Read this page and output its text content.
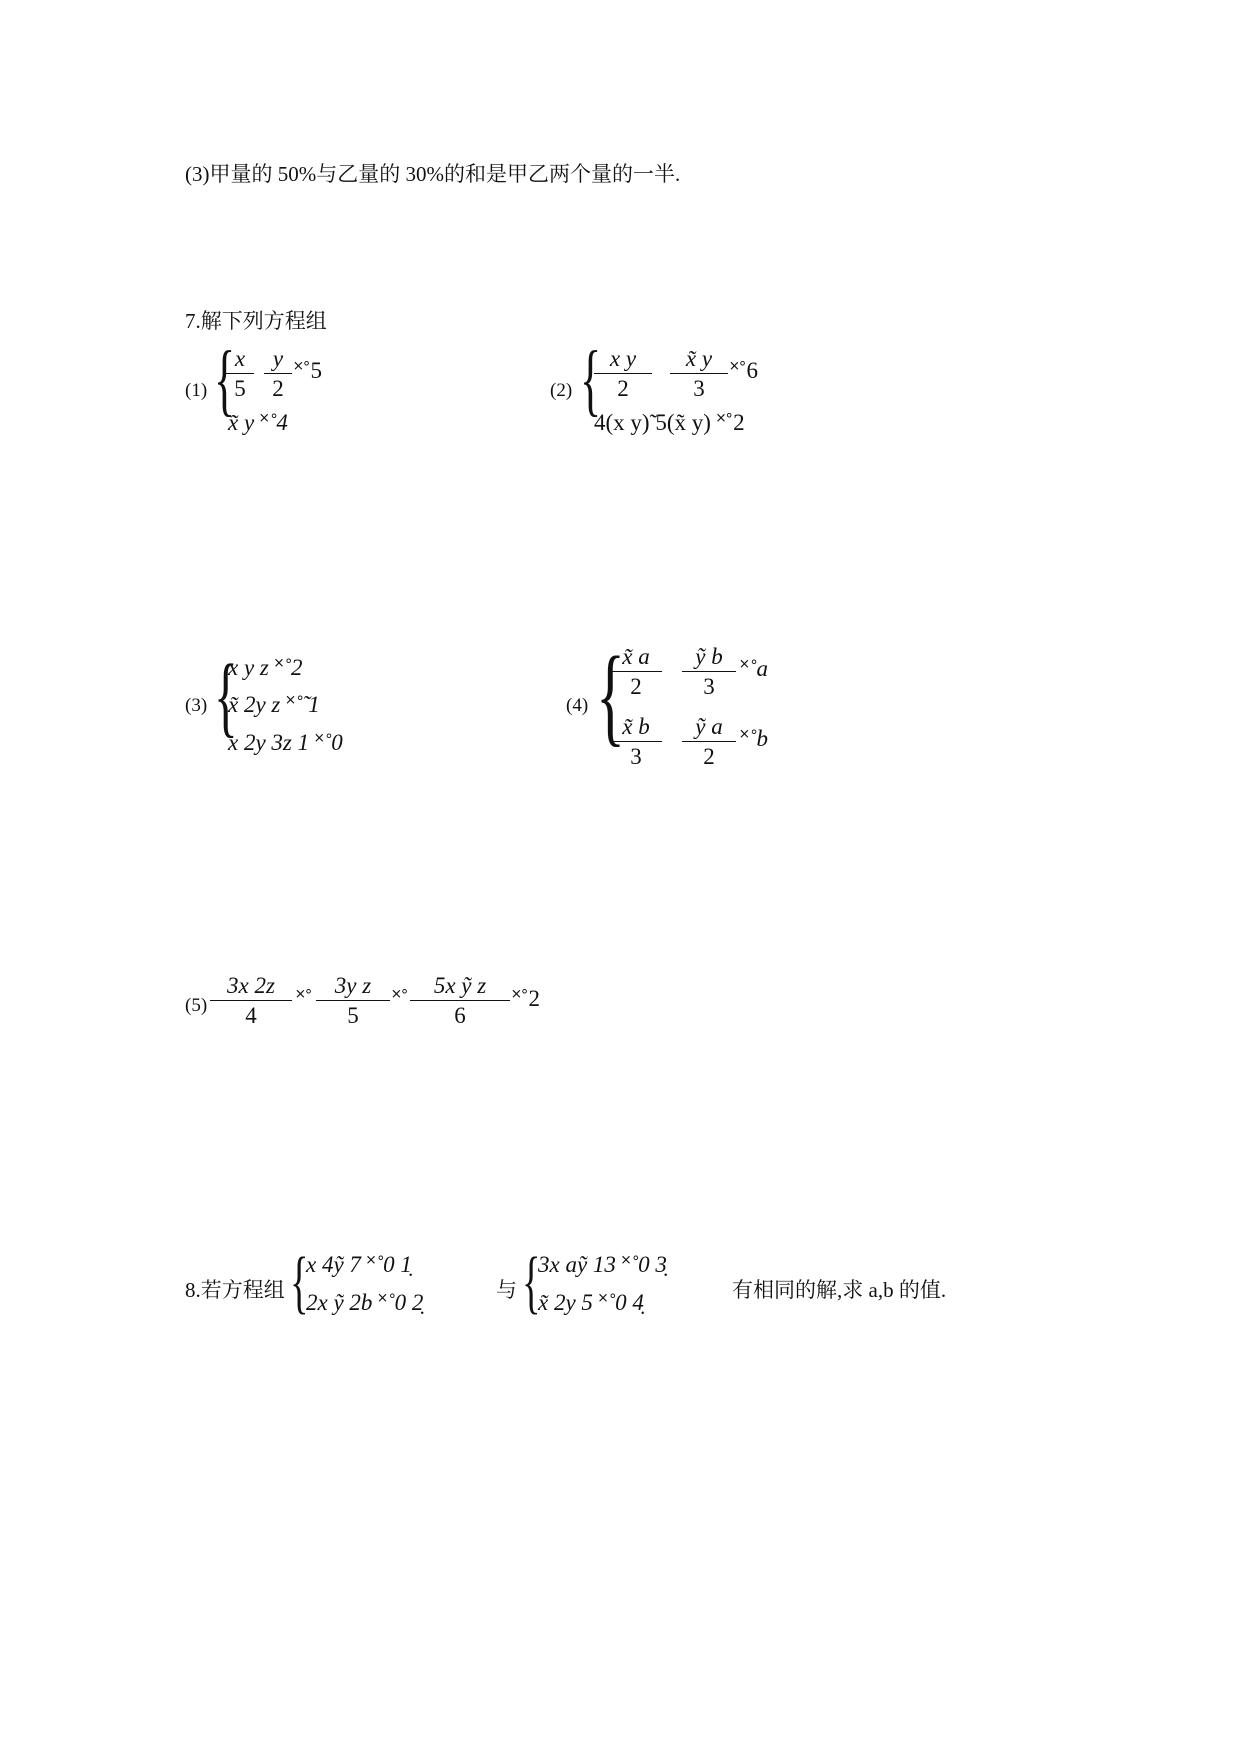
(3)甲量的 50%与乙量的 30%的和是甲乙两个量的一半.
7.解下列方程组
(1) {
$\frac{x}{5} \frac{y}{2}$ ˟˚5
x̃ y ˟˚4
(2) {
$\frac{\text{x y}}{2} \frac{x̃ y}{3}$ ˟˚6
4(x y)̃ 5(x̃ y) ˟˚2
(3) {
x y z ˟˚2
x̃ 2y z ˟˚̃ 1
x 2y 3z 1 ˟˚0
(4) {
$\frac{x̃ a}{2} \frac{\text{ỹ b}}{3}$ ˟˚a
$\frac{x̃ b}{3} \frac{\text{ỹ a}}{2}$ ˟˚b
$(5) \frac{3x 2z}{4}$ ˟˚ $\frac{\text{3y z}}{5}$ ˟˚ $\frac{\text{5x ỹ z}}{6}$ ˟˚2
8.若方程组 {
x 4ỹ 7 ˟˚0 1̣
2x ỹ 2b ˟˚0 2̣	与 {
3x aỹ 13 ˟˚0 3̣
x̃ 2y 5 ˟˚0 4̣	有相同的解,求 a,b 的值.
